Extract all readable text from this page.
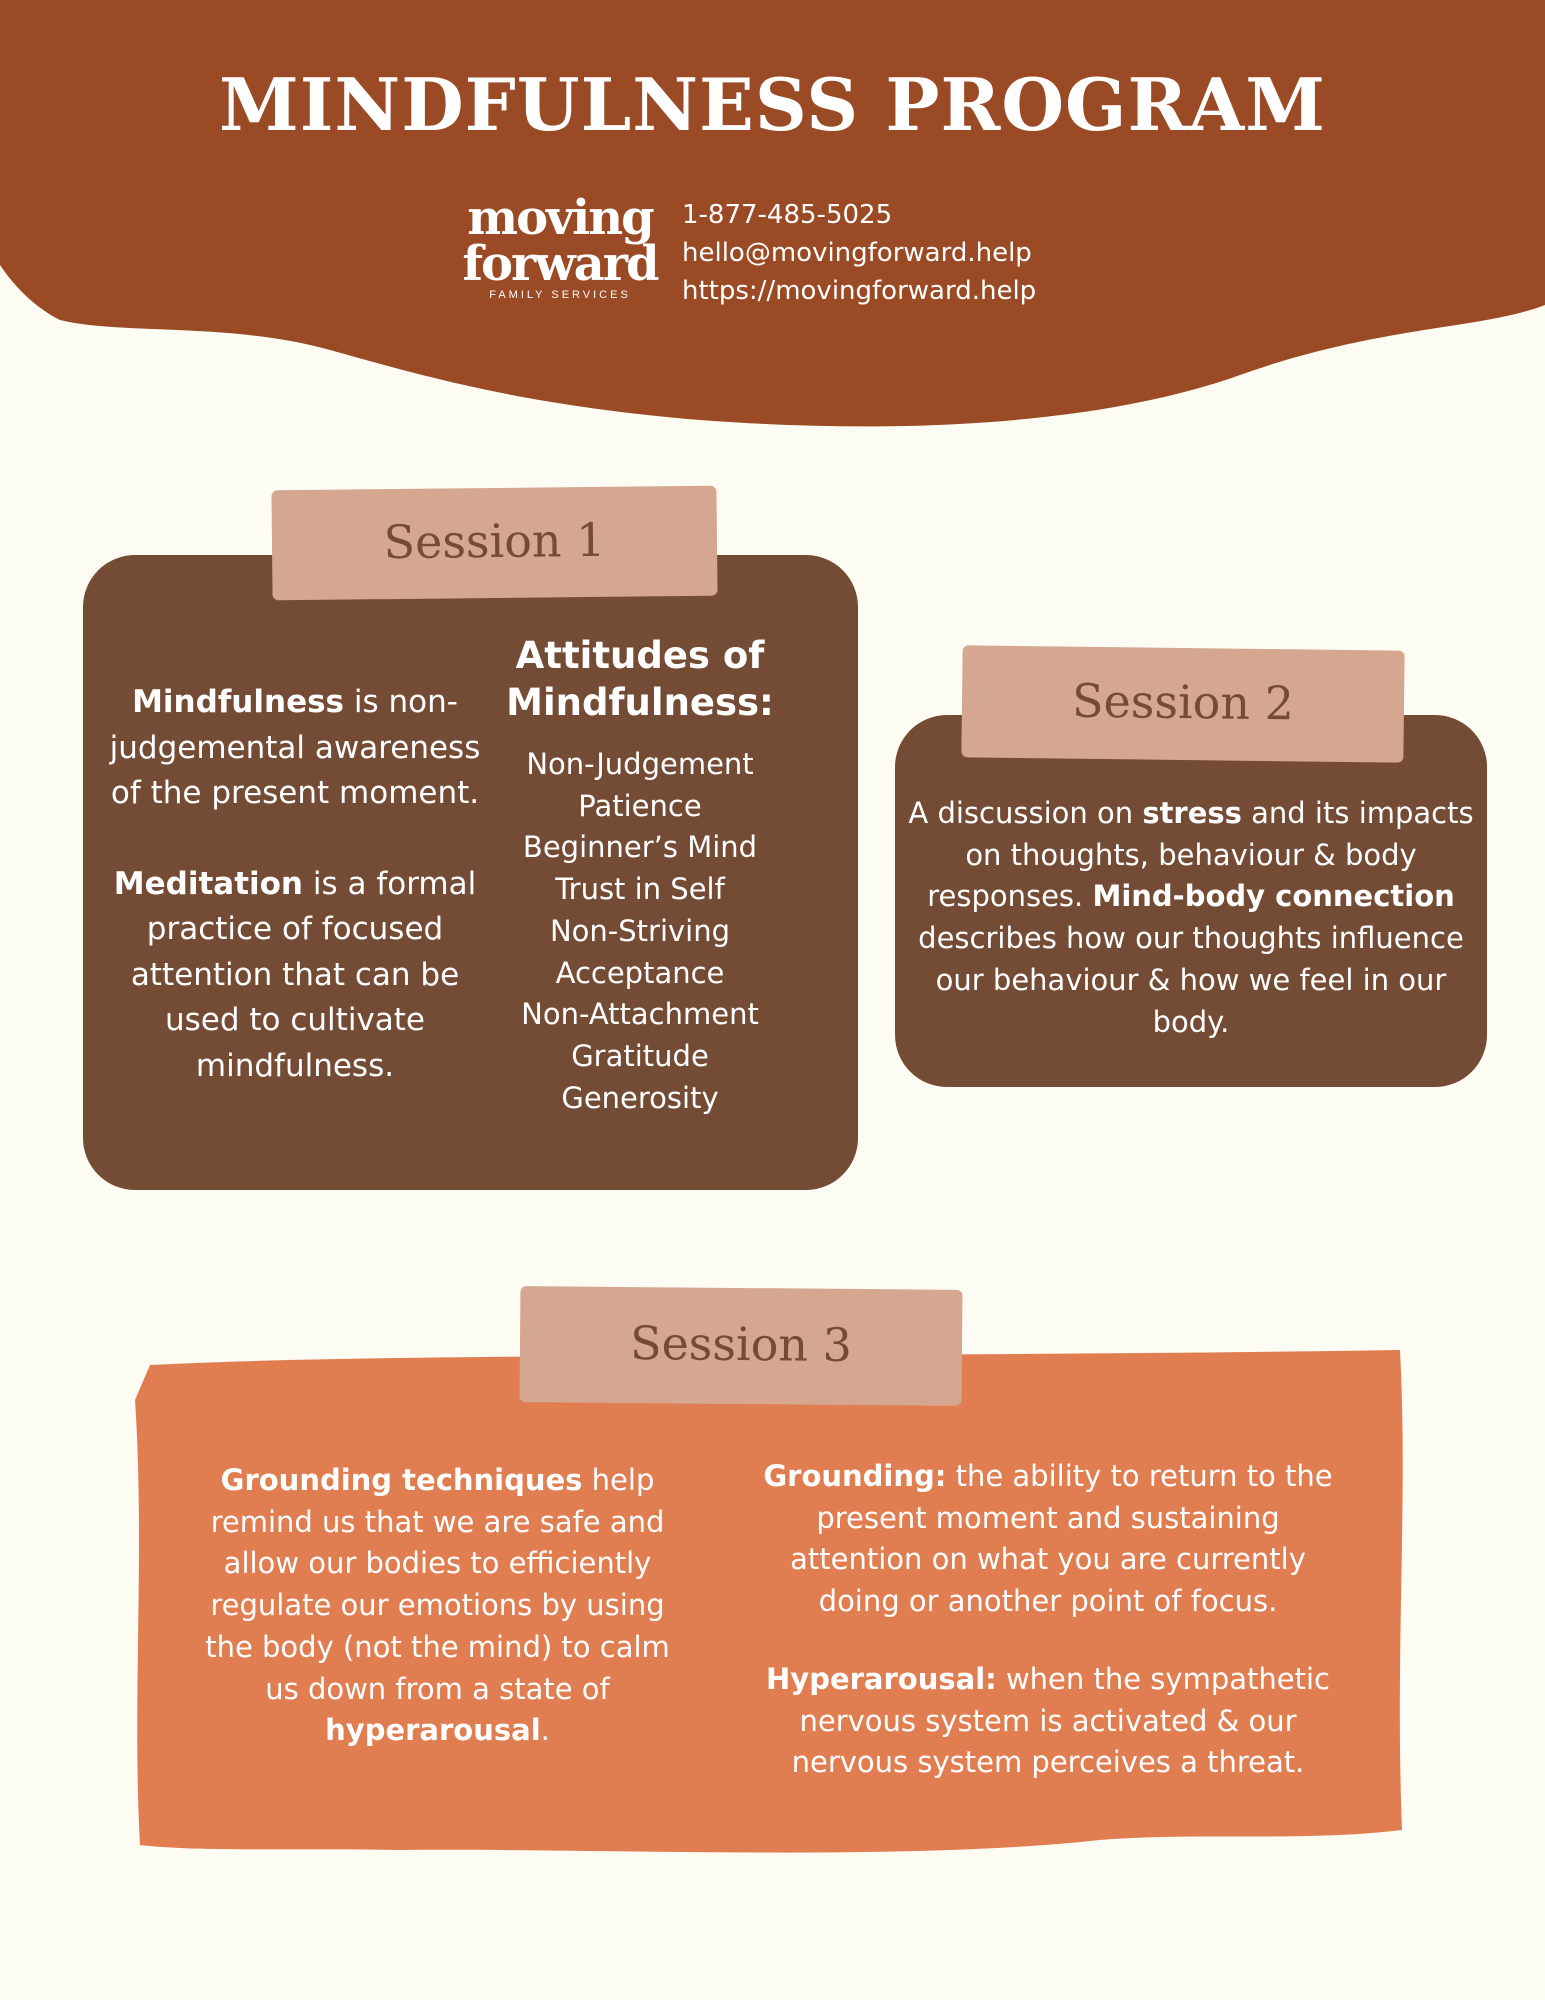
MINDFULNESS PROGRAM
moving
forward
FAMILY SERVICES
1-877-485-5025
hello@movingforward.help
https://movingforward.help
Session 1

Mindfulness is non-judgemental awareness of the present moment.

Meditation is a formal practice of focused attention that can be used to cultivate mindfulness.

Attitudes of Mindfulness:
Non-Judgement
Patience
Beginner’s Mind
Trust in Self
Non-Striving
Acceptance
Non-Attachment
Gratitude
Generosity
Session 2

A discussion on stress and its impacts on thoughts, behaviour & body responses. Mind-body connection describes how our thoughts influence our behaviour & how we feel in our body.

Session 3

Grounding techniques help remind us that we are safe and allow our bodies to efficiently regulate our emotions by using the body (not the mind) to calm us down from a state of hyperarousal.

Grounding: the ability to return to the present moment and sustaining attention on what you are currently doing or another point of focus.

Hyperarousal: when the sympathetic nervous system is activated & our nervous system perceives a threat.
